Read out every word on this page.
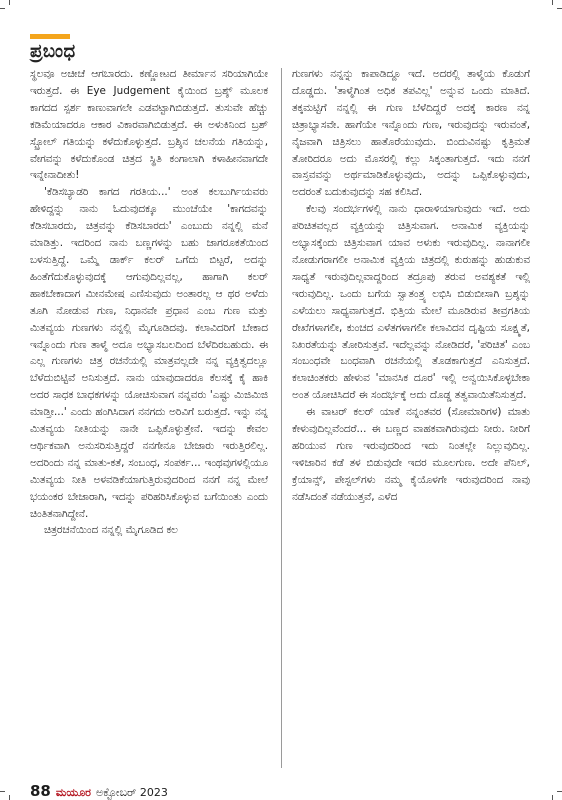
ಪ್ರಬಂಧ

ಸ್ಥಲವೂ ಅಚೀಚೆ ಆಗಬಾರದು. ಕಣ್ಣೋಟದ ತೀರ್ಮಾನ ಸರಿಯಾಗಿಯೇ ಇರುತ್ತದೆ. ಈ Eye Judgement ಕೈಯಿಂದ ಬ್ರಶ್ಶ್ ಮೂಲಕ ಕಾಗದದ ಸ್ಪರ್ಶ ಕಾಣುವಾಗಲೇ ಎಡವಟ್ಟಾಗಿಬಿಡುತ್ತದೆ. ತುಸುವೇ ಹೆಚ್ಚು ಕಡಿಮೆಯಾದರೂ ಆಕಾರ ವಿಕಾರವಾಗಿಬಿಡುತ್ತದೆ. ಈ ಅಳುಕಿನಿಂದ ಬ್ರಶ್ ಸ್ಟ್ರೋಲ್ ಗತಿಯನ್ನು ಕಳೆದುಕೊಳ್ಳುತ್ತದೆ. ಬ್ರಶ್ಶಿನ ಚಲನೆಯ ಗತಿಯನ್ನು, ವೇಗವನ್ನು ಕಳೆದುಕೊಂಡ ಚಿತ್ರದ ಸ್ಥಿತಿ ಕಂಗಾಲಾಗಿ ಕಳಾಹೀನವಾಗದೇ ಇನ್ನೇನಾದೀತು!

'ಕೆಡಿಸಬ್ಯಾಡರಿ ಕಾಗದ ಗರತಿಯ...' ಅಂತ ಕಲಬುರ್ಗಿಯವರು ಹೇಳಿದ್ದನ್ನು ನಾನು ಓದುವುದಕ್ಕೂ ಮುಂಚೆಯೇ 'ಕಾಗದವನ್ನು ಕೆಡಿಸಬಾರದು, ಚಿತ್ರವನ್ನು ಕೆಡಿಸಬಾರದು' ಎಂಬುದು ನನ್ನಲ್ಲಿ ಮನೆ ಮಾಡಿತ್ತು. ಇದರಿಂದ ನಾನು ಬಣ್ಣಗಳನ್ನು ಬಹು ಜಾಗರೂಕತೆಯಿಂದ ಬಳಸುತ್ತಿದ್ದೆ. ಒಮ್ಮೆ ಡಾರ್ಕ್ ಕಲರ್ ಒಗೆದು ಬಿಟ್ಟರೆ, ಅದನ್ನು ಹಿಂತೆಗೆದುಕೊಳ್ಳುವುದಕ್ಕೆ ಆಗುವುದಿಲ್ಲವಲ್ಲ, ಹಾಗಾಗಿ ಕಲರ್ ಹಾಕಬೇಕಾದಾಗ ಮೀನಮೇಷ ಎಣಿಸುವುದು ಅಂತಾರಲ್ಲ ಆ ಥರ ಅಳೆದು ತೂಗಿ ನೋಡುವ ಗುಣ, ನಿಧಾನವೇ ಪ್ರಧಾನ ಎಂಬ ಗುಣ ಮತ್ತು ಮಿತವ್ಯಯ ಗುಣಗಳು ನನ್ನಲ್ಲಿ ಮೈಗೂಡಿದವು. ಕಲಾವಿದರಿಗೆ ಬೇಕಾದ ಇನ್ನೊಂದು ಗುಣ ತಾಳ್ಮೆ ಅದೂ ಅಭ್ಯಾಸಬಲದಿಂದ ಬೆಳೆದಿರಬಹುದು. ಈ ಎಲ್ಲ ಗುಣಗಳು ಚಿತ್ರ ರಚನೆಯಲ್ಲಿ ಮಾತ್ರವಲ್ಲದೇ ನನ್ನ ವ್ಯಕ್ತಿತ್ವದಲ್ಲೂ ಬೆಳೆದುಬಿಟ್ಟಿವೆ ಅನಿಸುತ್ತದೆ. ನಾನು ಯಾವುದಾದರೂ ಕೆಲಸಕ್ಕೆ ಕೈ ಹಾಕಿ ಅದರ ಸಾಧಕ ಬಾಧಕಗಳನ್ನು ಯೋಚಿಸುವಾಗ ನನ್ನವರು 'ಎಷ್ಟು ಮಿಜಿಮಿಜಿ ಮಾಡ್ತೀ...' ಎಂದು ಹಂಗಿಸಿದಾಗ ನನಗದು ಅರಿವಿಗೆ ಬರುತ್ತದೆ. ಇನ್ನು ನನ್ನ ಮಿತವ್ಯಯ ನೀತಿಯನ್ನು ನಾನೇ ಒಪ್ಪಿಕೊಳ್ಳುತ್ತೇನೆ. ಇದನ್ನು ಕೇವಲ ಆರ್ಥಿಕವಾಗಿ ಅನುಸರಿಸುತ್ತಿದ್ದರೆ ನನಗೇನೂ ಬೇಜಾರು ಇರುತ್ತಿರಲಿಲ್ಲ. ಅದರಿಂದು ನನ್ನ ಮಾತು-ಕತೆ, ಸಂಬಂಧ, ಸಂಪರ್ಕ... ಇಂಥವುಗಳಲ್ಲಿಯೂ ಮಿತವ್ಯಯ ನೀತಿ ಅಳವಡಿಕೆಯಾಗುತ್ತಿರುವುದರಿಂದ ನನಗೆ ನನ್ನ ಮೇಲೆ ಭಯಂಕರ ಬೇಜಾರಾಗಿ, ಇದನ್ನು ಪರಿಹರಿಸಿಕೊಳ್ಳುವ ಬಗೆಯಿಂತು ಎಂದು ಚಿಂತಿತನಾಗಿದ್ದೇನೆ.

ಚಿತ್ರರಚನೆಯಿಂದ ನನ್ನಲ್ಲಿ ಮೈಗೂಡಿದ ಕಲ

ಗುಣಗಳು ನನ್ನನ್ನು ಕಾಪಾಡಿದ್ದೂ ಇದೆ. ಅದರಲ್ಲಿ ತಾಳ್ಮೆಯ ಕೊಡುಗೆ ದೊಡ್ಡದು. 'ತಾಳ್ಮೆಗಿಂತ ಅಧಿಕ ತಪವಿಲ್ಲ' ಅನ್ನುವ ಒಂದು ಮಾತಿದೆ. ತಕ್ಕಮಟ್ಟಿಗೆ ನನ್ನಲ್ಲಿ ಈ ಗುಣ ಬೆಳೆದಿದ್ದರೆ ಅದಕ್ಕೆ ಕಾರಣ ನನ್ನ ಚಿತ್ರಾಭ್ಯಾಸವೇ. ಹಾಗೆಯೇ ಇನ್ನೊಂದು ಗುಣ, ಇರುವುದನ್ನು ಇರುವಂತೆ, ನೈಜವಾಗಿ ಚಿತ್ರಿಸಲು ಹಾತೊರೆಯುವುದು. ಬಿಂದುವಿನಷ್ಟು ಕೃತ್ರಿಮತೆ ತೋರಿದರೂ ಅದು ಮೊಸರಲ್ಲಿ ಕಲ್ಲು ಸಿಕ್ಕಂತಾಗುತ್ತದೆ. ಇದು ನನಗೆ ವಾಸ್ತವವನ್ನು ಅರ್ಥಮಾಡಿಕೊಳ್ಳುವುದು, ಅದನ್ನು ಒಪ್ಪಿಕೊಳ್ಳುವುದು, ಅದರಂತೆ ಬದುಕುವುದನ್ನು ಸಹ ಕಲಿಸಿದೆ.

ಕೆಲವು ಸಂದರ್ಭಗಳಲ್ಲಿ ನಾನು ಧಾರಾಳಿಯಾಗುವುದು ಇದೆ. ಅದು ಪರಿಚಿತವಲ್ಲದ ವ್ಯಕ್ತಿಯನ್ನು ಚಿತ್ರಿಸುವಾಗ. ಅನಾಮಿಕ ವ್ಯಕ್ತಿಯನ್ನು ಅಭ್ಯಾಸಕ್ಕೆಂದು ಚಿತ್ರಿಸುವಾಗ ಯಾವ ಅಳುಕು ಇರುವುದಿಲ್ಲ. ನಾನಾಗಲೀ ನೋಡುಗರಾಗಲೀ ಅನಾಮಿಕ ವ್ಯಕ್ತಿಯ ಚಿತ್ರದಲ್ಲಿ ಕುರುಹನ್ನು ಹುಡುಕುವ ಸಾಧ್ಯತೆ ಇರುವುದಿಲ್ಲವಾದ್ದರಿಂದ ತದ್ರೂಪು ತರುವ ಅವಶ್ಯಕತೆ ಇಲ್ಲಿ ಇರುವುದಿಲ್ಲ. ಒಂದು ಬಗೆಯ ಸ್ವಾತಂತ್ರ್ಯ ಲಭಿಸಿ ಬಿಡುಬೀಸಾಗಿ ಬ್ರಶ್ಶನ್ನು ಎಳೆಯಲು ಸಾಧ್ಯವಾಗುತ್ತದೆ. ಭಿತ್ತಿಯ ಮೇಲೆ ಮೂಡಿರುವ ತೀವ್ರಗತಿಯ ರೇಖೆಗಳಾಗಲೀ, ಕುಂಚದ ಎಳೆತಗಳಾಗಲೀ ಕಲಾವಿದನ ದೃಷ್ಟಿಯ ಸೂಕ್ಷ್ಮತೆ, ನಿಖರತೆಯನ್ನು ತೋರಿಸುತ್ತವೆ. ಇದೆಲ್ಲವನ್ನು ನೋಡಿದರೆ, 'ಪರಿಚಿತ' ಎಂಬ ಸಂಬಂಧವೇ ಬಂಧವಾಗಿ ರಚನೆಯಲ್ಲಿ ತೊಡಕಾಗುತ್ತದೆ ಎನಿಸುತ್ತದೆ. ಕಲಾಚಿಂತಕರು ಹೇಳುವ 'ಮಾನಸಿಕ ದೂರ' ಇಲ್ಲಿ ಅನ್ವಯಿಸಿಕೊಳ್ಳಬೇಕಾ ಅಂತ ಯೋಚಿಸಿದರೆ ಈ ಸಂದರ್ಭಕ್ಕೆ ಅದು ದೊಡ್ಡ ತತ್ವವಾಯಿತೆನಿಸುತ್ತದೆ.

ಈ ವಾಟರ್ ಕಲರ್ ಯಾಕೆ ನನ್ನಂತವರ (ಸೋಮಾರಿಗಳ) ಮಾತು ಕೇಳುವುದಿಲ್ಲವೆಂದರೆ... ಈ ಬಣ್ಣದ ವಾಹಕವಾಗಿರುವುದು ನೀರು. ನೀರಿಗೆ ಹರಿಯುವ ಗುಣ ಇರುವುದರಿಂದ ಇದು ನಿಂತಲ್ಲೇ ನಿಲ್ಲುವುದಿಲ್ಲ. ಇಳಿಜಾರಿನ ಕಡೆ ತಳ ಬಿಡುವುದೇ ಇದರ ಮೂಲಗುಣ. ಅದೇ ಪೆನಿಲ್, ಕ್ರೆಯಾನ್ಸ್, ಪೇಸ್ಟಲ್‌ಗಳು ನಮ್ಮ ಕೈಯೊಳಗೇ ಇರುವುದರಿಂದ ನಾವು ನಡೆಸಿದಂತೆ ನಡೆಯುತ್ತವೆ, ಎಳೆದ

88 ಮಯೂರ ಅಕ್ಟೋಬರ್ 2023
